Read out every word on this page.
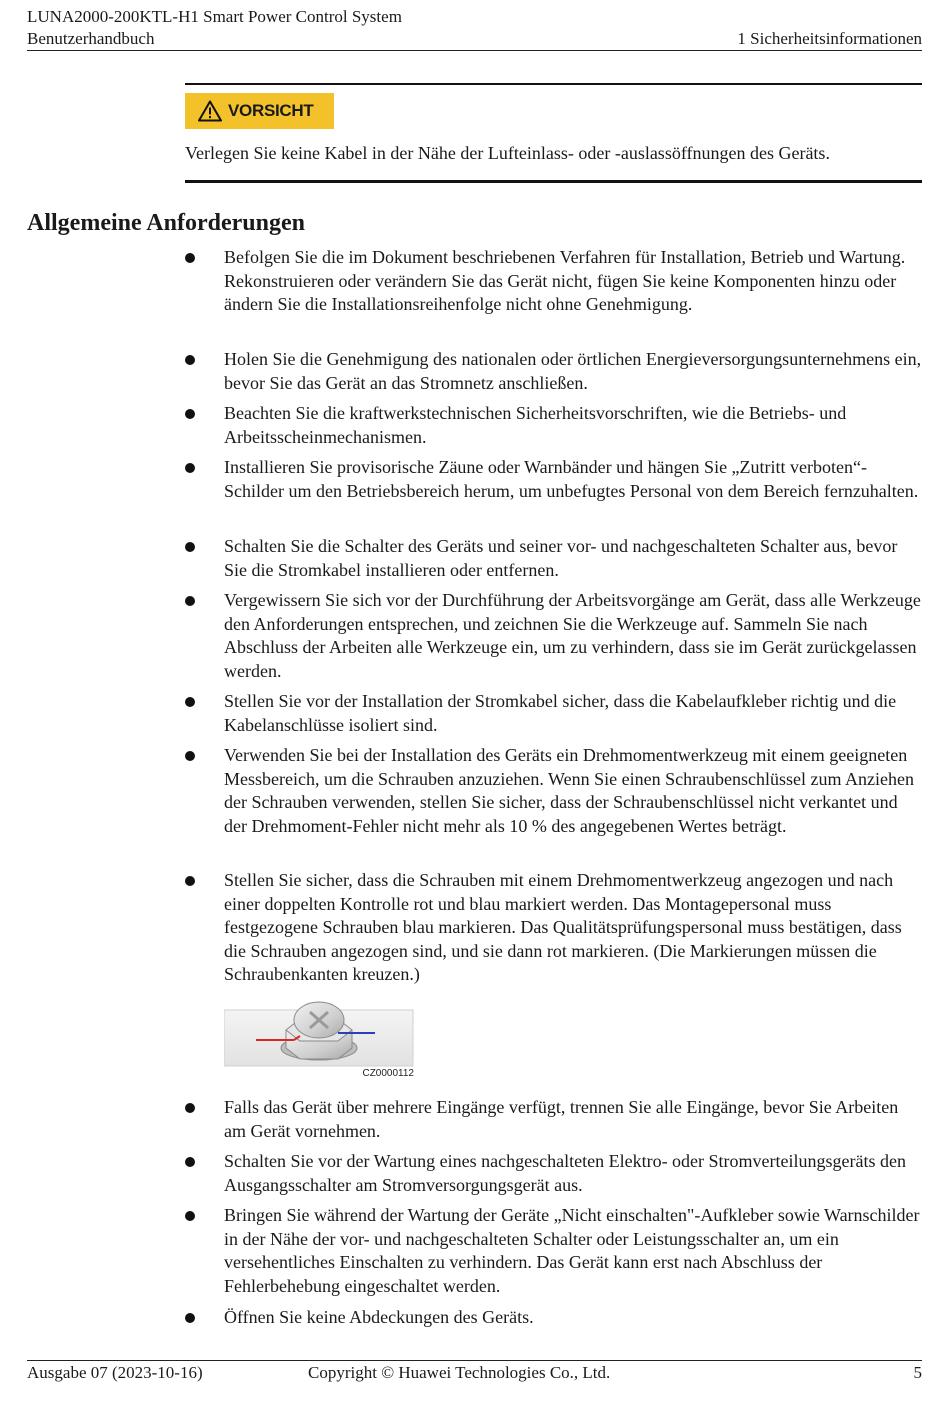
LUNA2000-200KTL-H1 Smart Power Control System
Benutzerhandbuch	1 Sicherheitsinformationen
VORSICHT
Verlegen Sie keine Kabel in der Nähe der Lufteinlass- oder -auslassöffnungen des Geräts.
Allgemeine Anforderungen
Befolgen Sie die im Dokument beschriebenen Verfahren für Installation, Betrieb und Wartung. Rekonstruieren oder verändern Sie das Gerät nicht, fügen Sie keine Komponenten hinzu oder ändern Sie die Installationsreihenfolge nicht ohne Genehmigung.
Holen Sie die Genehmigung des nationalen oder örtlichen Energieversorgungsunternehmens ein, bevor Sie das Gerät an das Stromnetz anschließen.
Beachten Sie die kraftwerkstechnischen Sicherheitsvorschriften, wie die Betriebs- und Arbeitsscheinmechanismen.
Installieren Sie provisorische Zäune oder Warnbänder und hängen Sie „Zutritt verboten“-Schilder um den Betriebsbereich herum, um unbefugtes Personal von dem Bereich fernzuhalten.
Schalten Sie die Schalter des Geräts und seiner vor- und nachgeschalteten Schalter aus, bevor Sie die Stromkabel installieren oder entfernen.
Vergewissern Sie sich vor der Durchführung der Arbeitsvorgänge am Gerät, dass alle Werkzeuge den Anforderungen entsprechen, und zeichnen Sie die Werkzeuge auf. Sammeln Sie nach Abschluss der Arbeiten alle Werkzeuge ein, um zu verhindern, dass sie im Gerät zurückgelassen werden.
Stellen Sie vor der Installation der Stromkabel sicher, dass die Kabelaufkleber richtig und die Kabelanschlüsse isoliert sind.
Verwenden Sie bei der Installation des Geräts ein Drehmomentwerkzeug mit einem geeigneten Messbereich, um die Schrauben anzuziehen. Wenn Sie einen Schraubenschlüssel zum Anziehen der Schrauben verwenden, stellen Sie sicher, dass der Schraubenschlüssel nicht verkantet und der Drehmoment-Fehler nicht mehr als 10 % des angegebenen Wertes beträgt.
Stellen Sie sicher, dass die Schrauben mit einem Drehmomentwerkzeug angezogen und nach einer doppelten Kontrolle rot und blau markiert werden. Das Montagepersonal muss festgezogene Schrauben blau markieren. Das Qualitätsprüfungspersonal muss bestätigen, dass die Schrauben angezogen sind, und sie dann rot markieren. (Die Markierungen müssen die Schraubenkanten kreuzen.)
CZ0000112
Falls das Gerät über mehrere Eingänge verfügt, trennen Sie alle Eingänge, bevor Sie Arbeiten am Gerät vornehmen.
Schalten Sie vor der Wartung eines nachgeschalteten Elektro- oder Stromverteilungsgeräts den Ausgangsschalter am Stromversorgungsgerät aus.
Bringen Sie während der Wartung der Geräte „Nicht einschalten"-Aufkleber sowie Warnschilder in der Nähe der vor- und nachgeschalteten Schalter oder Leistungsschalter an, um ein versehentliches Einschalten zu verhindern. Das Gerät kann erst nach Abschluss der Fehlerbehebung eingeschaltet werden.
Öffnen Sie keine Abdeckungen des Geräts.
Ausgabe 07 (2023-10-16)	Copyright © Huawei Technologies Co., Ltd.	5
